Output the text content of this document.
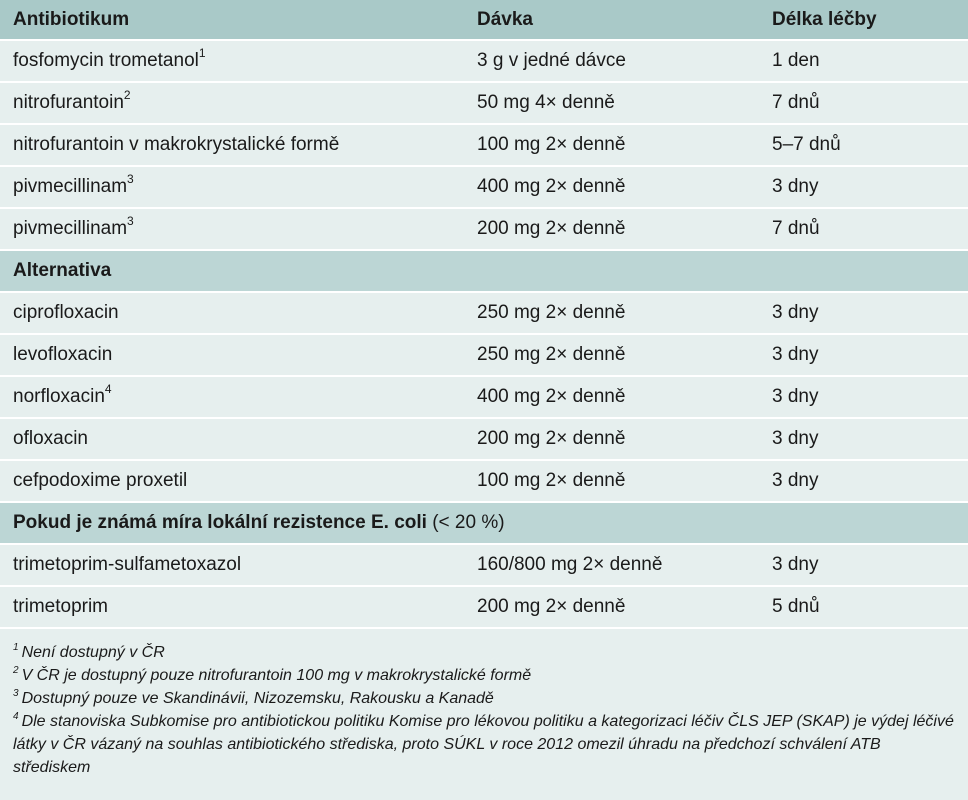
Antibiotikum	Dávka	Délka léčby
fosfomycin trometanol$^1$	3 g v jedné dávce	1 den
nitrofurantoin$^2$	50 mg 4× denně	7 dnů
nitrofurantoin v makrokrystalické formě	100 mg 2× denně	5–7 dnů
pivmecillinam$^3$	400 mg 2× denně	3 dny
pivmecillinam$^3$	200 mg 2× denně	7 dnů
Alternativa
ciprofloxacin	250 mg 2× denně	3 dny
levofloxacin	250 mg 2× denně	3 dny
norfloxacin$^4$	400 mg 2× denně	3 dny
ofloxacin	200 mg 2× denně	3 dny
cefpodoxime proxetil	100 mg 2× denně	3 dny
Pokud je známá míra lokální rezistence E. coli (< 20 %)
trimetoprim-sulfametoxazol	160/800 mg 2× denně	3 dny
trimetoprim	200 mg 2× denně	5 dnů
$^1$ Není dostupný v ČR
$^2$ V ČR je dostupný pouze nitrofurantoin 100 mg v makrokrystalické formě
$^3$ Dostupný pouze ve Skandinávii, Nizozemsku, Rakousku a Kanadě
$^4$ Dle stanoviska Subkomise pro antibiotickou politiku Komise pro lékovou politiku a kategorizaci léčiv ČLS JEP (SKAP) je výdej léčivé látky v ČR vázaný na souhlas antibiotického střediska, proto SÚKL v roce 2012 omezil úhradu na předchozí schválení ATB střediskem
